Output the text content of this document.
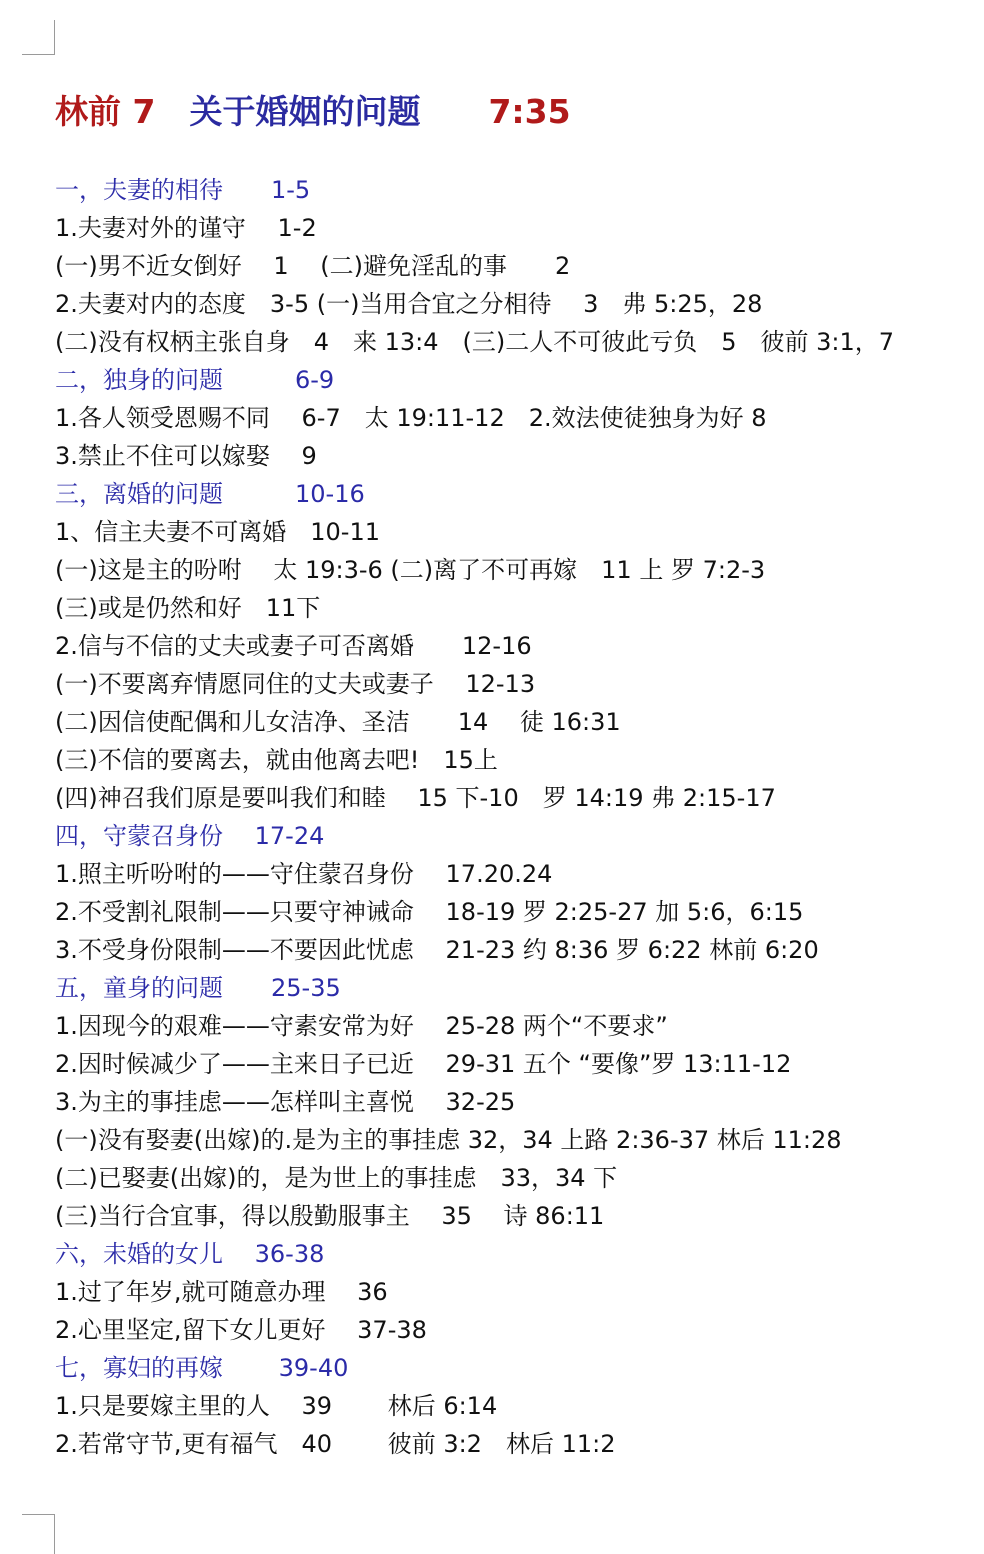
林前 7 关于婚姻的问题 7:35
一，夫妻的相待　　1-5
1.夫妻对外的谨守　 1-2
(一)男不近女倒好　 1　 (二)避免淫乱的事　　2
2.夫妻对内的态度　3-5 (一)当用合宜之分相待　 3　弗 5:25，28
(二)没有权柄主张自身　4　来 13:4　(三)二人不可彼此亏负　5　彼前 3:1，7
二，独身的问题　　　6-9
1.各人领受恩赐不同　 6-7　太 19:11-12　2.效法使徒独身为好 8
3.禁止不住可以嫁娶　 9
三，离婚的问题　　　10-16
1、信主夫妻不可离婚　10-11
(一)这是主的吩咐　 太 19:3-6 (二)离了不可再嫁　11 上 罗 7:2-3
(三)或是仍然和好　11下
2.信与不信的丈夫或妻子可否离婚　　12-16
(一)不要离弃情愿同住的丈夫或妻子　 12-13
(二)因信使配偶和儿女洁净、圣洁　　14　 徒 16:31
(三)不信的要离去，就由他离去吧!　15上
(四)神召我们原是要叫我们和睦　 15 下-10　罗 14:19 弗 2:15-17
四，守蒙召身份　 17-24
1.照主听吩咐的——守住蒙召身份　 17.20.24
2.不受割礼限制——只要守神诫命　 18-19 罗 2:25-27 加 5:6，6:15
3.不受身份限制——不要因此忧虑　 21-23 约 8:36 罗 6:22 林前 6:20
五，童身的问题　　25-35
1.因现今的艰难——守素安常为好　 25-28 两个“不要求”
2.因时候减少了——主来日子已近　 29-31 五个 “要像”罗 13:11-12
3.为主的事挂虑——怎样叫主喜悦　 32-25
(一)没有娶妻(出嫁)的.是为主的事挂虑 32，34 上路 2:36-37 林后 11:28
(二)已娶妻(出嫁)的，是为世上的事挂虑　33，34 下
(三)当行合宜事，得以殷勤服事主　 35　 诗 86:11
六，未婚的女儿　 36-38
1.过了年岁,就可随意办理　 36
2.心里坚定,留下女儿更好　 37-38
七，寡妇的再嫁　　 39-40
1.只是要嫁主里的人　 39　　 林后 6:14
2.若常守节,更有福气　40　　 彼前 3:2　林后 11:2
